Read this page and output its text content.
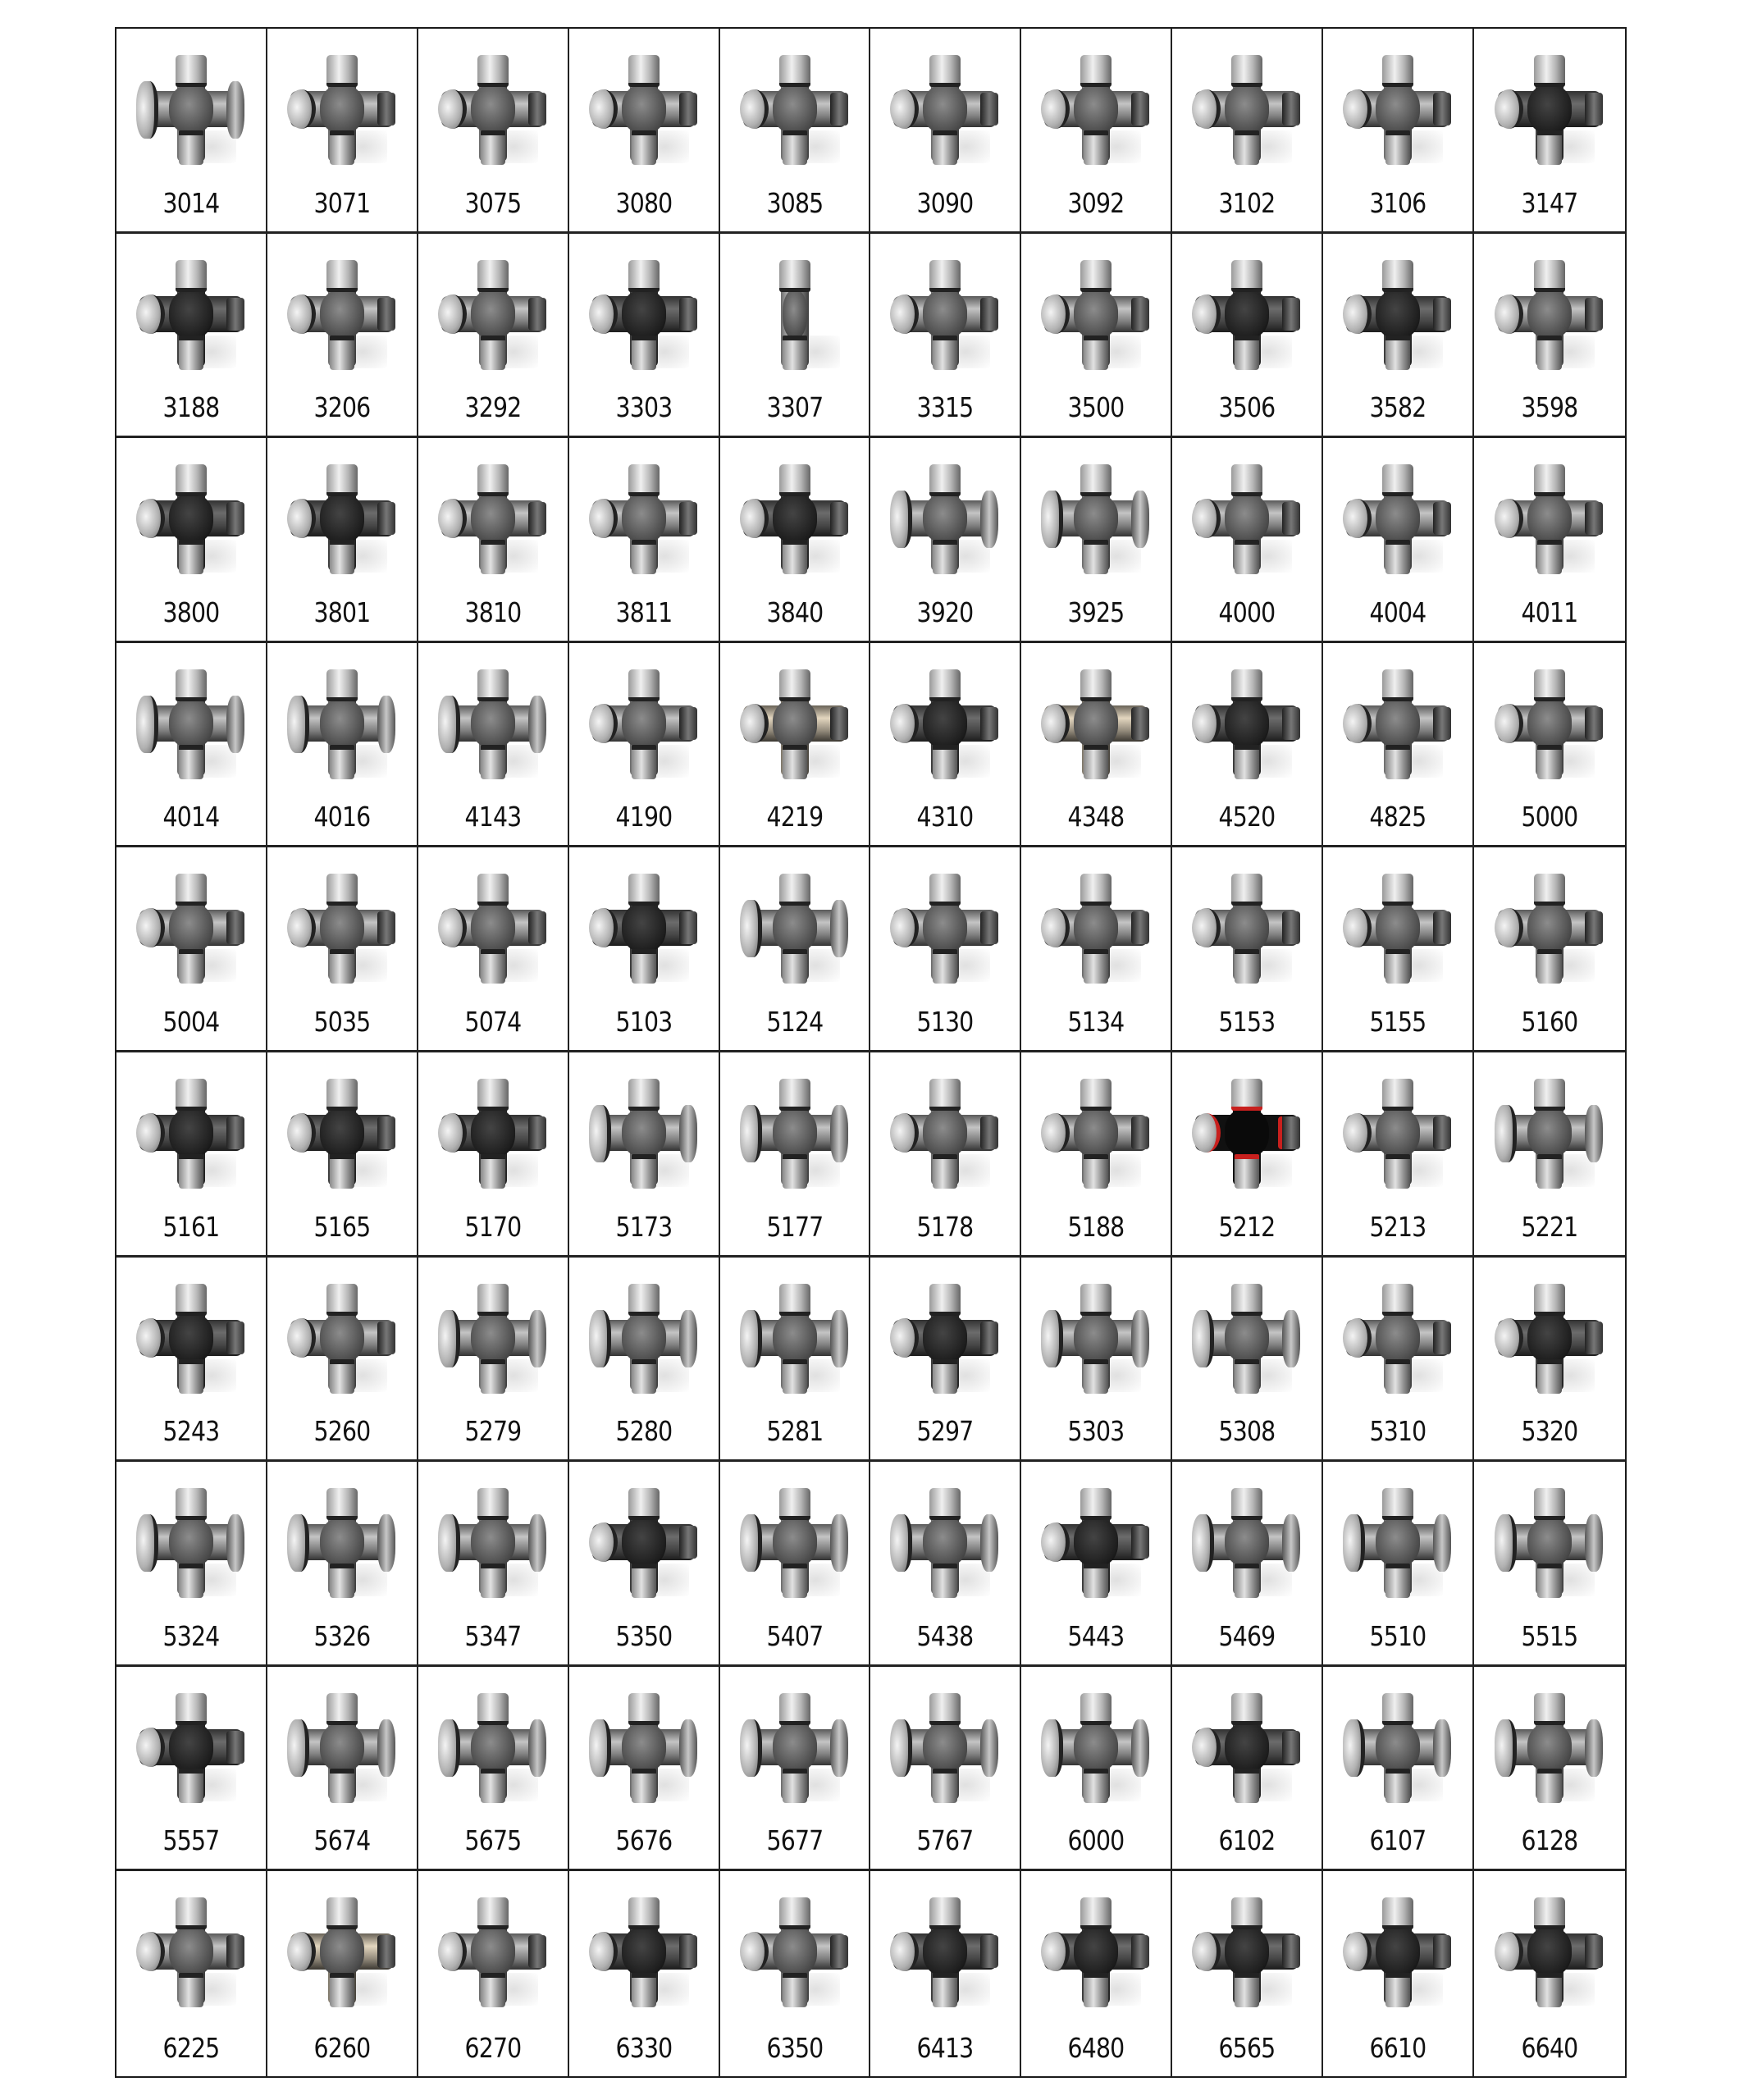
3014	3071	3075	3080	3085	3090	3092	3102	3106	3147
3188	3206	3292	3303	3307	3315	3500	3506	3582	3598
3800	3801	3810	3811	3840	3920	3925	4000	4004	4011
4014	4016	4143	4190	4219	4310	4348	4520	4825	5000
5004	5035	5074	5103	5124	5130	5134	5153	5155	5160
5161	5165	5170	5173	5177	5178	5188	5212	5213	5221
5243	5260	5279	5280	5281	5297	5303	5308	5310	5320
5324	5326	5347	5350	5407	5438	5443	5469	5510	5515
5557	5674	5675	5676	5677	5767	6000	6102	6107	6128
6225	6260	6270	6330	6350	6413	6480	6565	6610	6640
